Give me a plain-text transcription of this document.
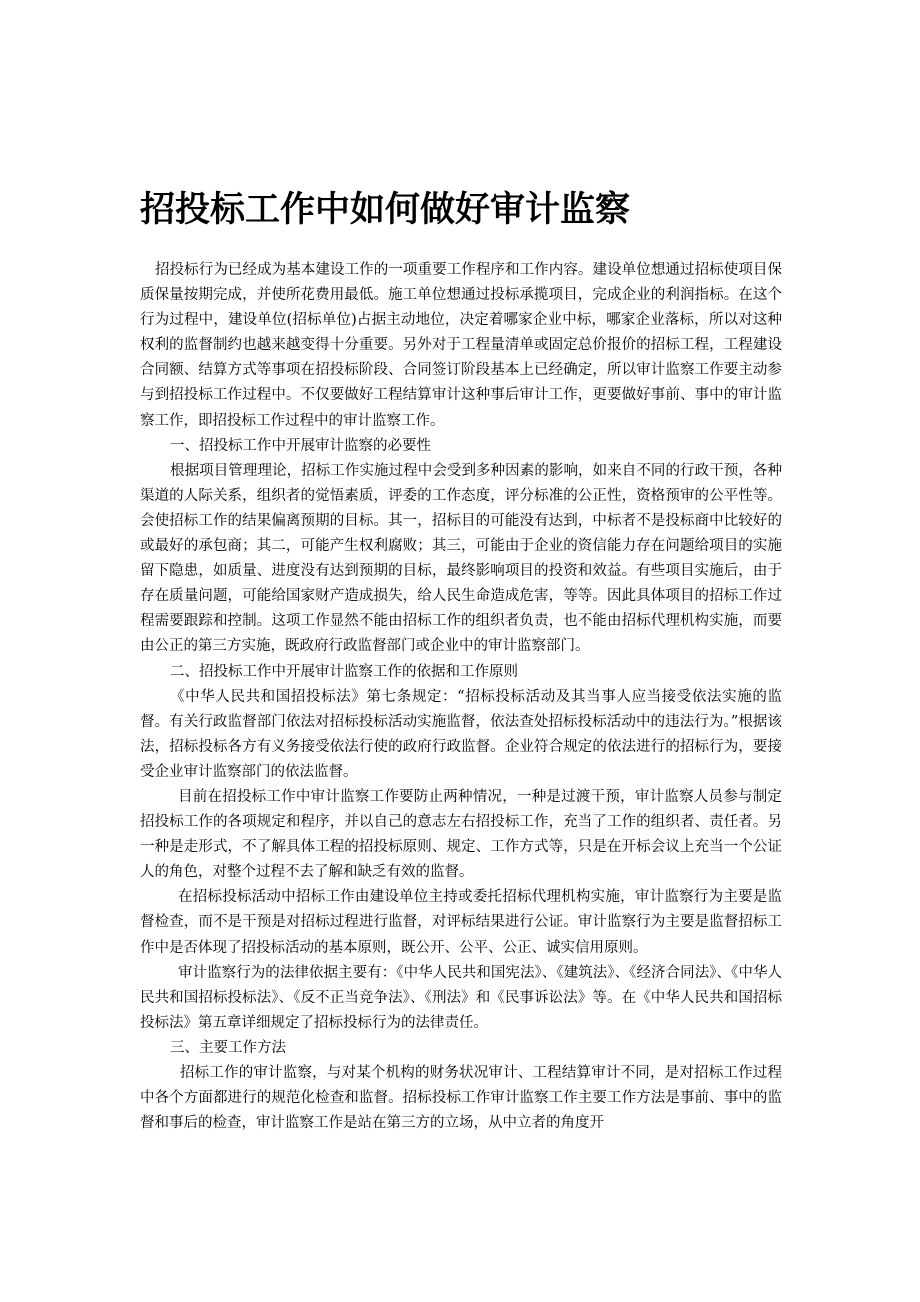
招投标工作中如何做好审计监察

招投标行为已经成为基本建设工作的一项重要工作程序和工作内容。建设单位想通过招标使项目保质保量按期完成，并使所花费用最低。施工单位想通过投标承揽项目，完成企业的利润指标。在这个行为过程中，建设单位(招标单位)占据主动地位，决定着哪家企业中标，哪家企业落标，所以对这种权利的监督制约也越来越变得十分重要。另外对于工程量清单或固定总价报价的招标工程，工程建设合同额、结算方式等事项在招投标阶段、合同签订阶段基本上已经确定，所以审计监察工作要主动参与到招投标工作过程中。不仅要做好工程结算审计这种事后审计工作，更要做好事前、事中的审计监察工作，即招投标工作过程中的审计监察工作。

一、招投标工作中开展审计监察的必要性

根据项目管理理论，招标工作实施过程中会受到多种因素的影响，如来自不同的行政干预，各种渠道的人际关系，组织者的觉悟素质，评委的工作态度，评分标准的公正性，资格预审的公平性等。会使招标工作的结果偏离预期的目标。其一，招标目的可能没有达到，中标者不是投标商中比较好的或最好的承包商；其二，可能产生权利腐败；其三，可能由于企业的资信能力存在问题给项目的实施留下隐患，如质量、进度没有达到预期的目标，最终影响项目的投资和效益。有些项目实施后，由于存在质量问题，可能给国家财产造成损失，给人民生命造成危害，等等。因此具体项目的招标工作过程需要跟踪和控制。这项工作显然不能由招标工作的组织者负责，也不能由招标代理机构实施，而要由公正的第三方实施，既政府行政监督部门或企业中的审计监察部门。

二、招投标工作中开展审计监察工作的依据和工作原则

《中华人民共和国招投标法》第七条规定：“招标投标活动及其当事人应当接受依法实施的监督。有关行政监督部门依法对招标投标活动实施监督，依法查处招标投标活动中的违法行为。”根据该法，招标投标各方有义务接受依法行使的政府行政监督。企业符合规定的依法进行的招标行为，要接受企业审计监察部门的依法监督。

目前在招投标工作中审计监察工作要防止两种情况，一种是过渡干预，审计监察人员参与制定招投标工作的各项规定和程序，并以自己的意志左右招投标工作，充当了工作的组织者、责任者。另一种是走形式，不了解具体工程的招投标原则、规定、工作方式等，只是在开标会议上充当一个公证人的角色，对整个过程不去了解和缺乏有效的监督。

在招标投标活动中招标工作由建设单位主持或委托招标代理机构实施，审计监察行为主要是监督检查，而不是干预是对招标过程进行监督，对评标结果进行公证。审计监察行为主要是监督招标工作中是否体现了招投标活动的基本原则，既公开、公平、公正、诚实信用原则。

审计监察行为的法律依据主要有：《中华人民共和国宪法》、《建筑法》、《经济合同法》、《中华人民共和国招标投标法》、《反不正当竞争法》、《刑法》和《民事诉讼法》等。在《中华人民共和国招标投标法》第五章详细规定了招标投标行为的法律责任。

三、主要工作方法

招标工作的审计监察，与对某个机构的财务状况审计、工程结算审计不同，是对招标工作过程中各个方面都进行的规范化检查和监督。招标投标工作审计监察工作主要工作方法是事前、事中的监督和事后的检查，审计监察工作是站在第三方的立场，从中立者的角度开
